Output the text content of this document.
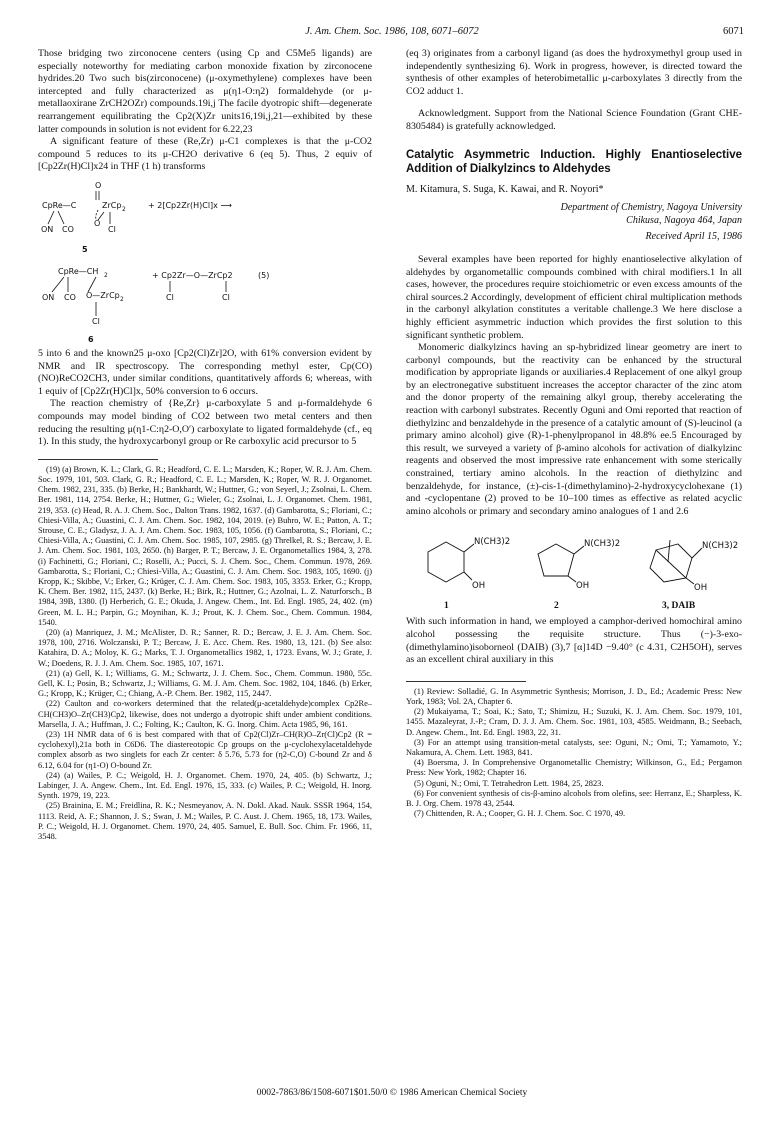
J. Am. Chem. Soc. 1986, 108, 6071–6072	6071

Those bridging two zirconocene centers (using Cp and C5Me5 ligands) are especially noteworthy for mediating carbon monoxide fixation by zirconocene hydrides.20 Two such bis(zirconocene) (μ-oxymethylene) complexes have been intercepted and fully characterized as μ(η1-O:η2) formaldehyde (or μ-metallaoxirane ZrCH2OZr) compounds.19i,j The facile dyotropic shift—degenerate rearrangement equilibrating the Cp2(X)Zr units16,19i,j,21—exhibited by these latter compounds in solution is not evident for 6.22,23

A significant feature of these (Re,Zr) μ-C1 complexes is that the μ-CO2 compound 5 reduces to its μ-CH2O derivative 6 (eq 5). Thus, 2 equiv of [Cp2Zr(H)Cl]x24 in THF (1 h) transforms

CpRe—C	ZrCp 2
O
ON CO
O
Cl
+ 2[Cp2Zr(H)Cl]x ⟶
5
CpRe—CH 2
ON CO O—ZrCp 2
Cl
+ Cp2Zr—O—ZrCp2
Cl	Cl
(5)
6

5 into 6 and the known25 μ-oxo [Cp2(Cl)Zr]2O, with 61% conversion evident by NMR and IR spectroscopy. The corresponding methyl ester, Cp(CO)(NO)ReCO2CH3, under similar conditions, quantitatively affords 6; whereas, with 1 equiv of [Cp2Zr(H)Cl]x, 50% conversion to 6 occurs.

The reaction chemistry of {Re,Zr} μ-carboxylate 5 and μ-formaldehyde 6 compounds may model binding of CO2 between two metal centers and then reducing the resulting μ(η1-C:η2-O,O′) carboxylate to ligated formaldehyde (cf., eq 1). In this study, the hydroxycarbonyl group or Re carboxylic acid precursor to 5

(19) (a) Brown, K. L.; Clark, G. R.; Headford, C. E. L.; Marsden, K.; Roper, W. R. J. Am. Chem. Soc. 1979, 101, 503. Clark, G. R.; Headford, C. E. L.; Marsden, K.; Roper, W. R. J. Organomet. Chem. 1982, 231, 335. (b) Berke, H.; Bankhardt, W.; Huttner, G.; von Seyerl, J.; Zsolnai, L. Chem. Ber. 1981, 114, 2754. Berke, H.; Huttner, G.; Wieler, G.; Zsolnai, L. J. Organomet. Chem. 1981, 219, 353. (c) Head, R. A. J. Chem. Soc., Dalton Trans. 1982, 1637. (d) Gambarotta, S.; Floriani, C.; Chiesi-Villa, A.; Guastini, C. J. Am. Chem. Soc. 1982, 104, 2019. (e) Buhro, W. E.; Patton, A. T.; Strouse, C. E.; Gladysz, J. A. J. Am. Chem. Soc. 1983, 105, 1056. (f) Gambarotta, S.; Floriani, C.; Chiesi-Villa, A.; Guastini, C. J. Am. Chem. Soc. 1985, 107, 2985. (g) Threlkel, R. S.; Bercaw, J. E. J. Am. Chem. Soc. 1981, 103, 2650. (h) Barger, P. T.; Bercaw, J. E. Organometallics 1984, 3, 278. (i) Fachinetti, G.; Floriani, C.; Roselli, A.; Pucci, S. J. Chem. Soc., Chem. Commun. 1978, 269. Gambarotta, S.; Floriani, C.; Chiesi-Villa, A.; Guastini, C. J. Am. Chem. Soc. 1983, 105, 1690. (j) Kropp, K.; Skibbe, V.; Erker, G.; Krüger, C. J. Am. Chem. Soc. 1983, 105, 3353. Erker, G.; Kropp, K. Chem. Ber. 1982, 115, 2437. (k) Berke, H.; Birk, R.; Huttner, G.; Azolnai, L. Z. Naturforsch., B 1984, 39B, 1380. (l) Herberich, G. E.; Okuda, J. Angew. Chem., Int. Ed. Engl. 1985, 24, 402. (m) Green, M. L. H.; Parpin, G.; Moynihan, K. J.; Prout, K. J. Chem. Soc., Chem. Commun. 1984, 1540.
(20) (a) Manriquez, J. M.; McAlister, D. R.; Sanner, R. D.; Bercaw, J. E. J. Am. Chem. Soc. 1978, 100, 2716. Wolczanski, P. T.; Bercaw, J. E. Acc. Chem. Res. 1980, 13, 121. (b) See also: Katahira, D. A.; Moloy, K. G.; Marks, T. J. Organometallics 1982, 1, 1723. Evans, W. J.; Grate, J. W.; Doedens, R. J. J. Am. Chem. Soc. 1985, 107, 1671.
(21) (a) Gell, K. I.; Williams, G. M.; Schwartz, J. J. Chem. Soc., Chem. Commun. 1980, 55c. Gell, K. I.; Posin, B.; Schwartz, J.; Williams, G. M. J. Am. Chem. Soc. 1982, 104, 1846. (b) Erker, G.; Kropp, K.; Krüger, C.; Chiang, A.-P. Chem. Ber. 1982, 115, 2447.
(22) Caulton and co-workers determined that the related(μ-acetaldehyde)complex Cp2Re–CH(CH3)O–Zr(CH3)Cp2, likewise, does not undergo a dyotropic shift under ambient conditions. Marsella, J. A.; Huffman, J. C.; Folting, K.; Caulton, K. G. Inorg. Chim. Acta 1985, 96, 161.
(23) 1H NMR data of 6 is best compared with that of Cp2(Cl)Zr–CH(R)O–Zr(Cl)Cp2 (R = cyclohexyl),21a both in C6D6. The diastereotopic Cp groups on the μ-cyclohexylacetaldehyde complex absorb as two singlets for each Zr center: δ 5.76, 5.73 for (η2-C,O) C-bound Zr and δ 6.12, 6.04 for (η1-O) O-bound Zr.
(24) (a) Wailes, P. C.; Weigold, H. J. Organomet. Chem. 1970, 24, 405. (b) Schwartz, J.; Labinger, J. A. Angew. Chem., Int. Ed. Engl. 1976, 15, 333. (c) Wailes, P. C.; Weigold, H. Inorg. Synth. 1979, 19, 223.
(25) Brainina, E. M.; Freidlina, R. K.; Nesmeyanov, A. N. Dokl. Akad. Nauk. SSSR 1964, 154, 1113. Reid, A. F.; Shannon, J. S.; Swan, J. M.; Wailes, P. C. Aust. J. Chem. 1965, 18, 173. Wailes, P. C.; Weigold, H. J. Organomet. Chem. 1970, 24, 405. Samuel, E. Bull. Soc. Chim. Fr. 1966, 11, 3548.

(eq 3) originates from a carbonyl ligand (as does the hydroxymethyl group used in independently synthesizing 6). Work in progress, however, is directed toward the synthesis of other examples of heterobimetallic μ-carboxylates 3 directly from the CO2 adduct 1.

Acknowledgment. Support from the National Science Foundation (Grant CHE-8305484) is gratefully acknowledged.

Catalytic Asymmetric Induction. Highly Enantioselective Addition of Dialkylzincs to Aldehydes
M. Kitamura, S. Suga, K. Kawai, and R. Noyori*
Department of Chemistry, Nagoya University
Chikusa, Nagoya 464, Japan
Received April 15, 1986

Several examples have been reported for highly enantioselective alkylation of aldehydes by organometallic compounds combined with chiral modifiers.1 In all cases, however, the procedures require stoichiometric or even excess amounts of the chiral sources.2 Accordingly, development of efficient chiral multiplication methods in the carbonyl alkylation constitutes a veritable challenge.3 We here disclose a highly efficient asymmetric induction which provides the first solution to this significant synthetic problem.

Monomeric dialkylzincs having an sp-hybridized linear geometry are inert to carbonyl compounds, but the reactivity can be enhanced by the structural modification by appropriate ligands or auxiliaries.4 Replacement of one alkyl group by an electronegative substituent increases the acceptor character of the zinc atom and the donor property of the remaining alkyl group, thereby accelerating the reaction with carbonyl substrates. Recently Oguni and Omi reported that reaction of diethylzinc and benzaldehyde in the presence of a catalytic amount of (S)-leucinol (a primary amino alcohol) give (R)-1-phenylpropanol in 48.8% ee.5 Encouraged by this result, we surveyed a variety of β-amino alcohols for activation of dialkylzinc reagents and observed the most impressive rate enhancement with some sterically constrained, tertiary amino alcohols. In the reaction of diethylzinc and benzaldehyde, for instance, (±)-cis-1-(dimethylamino)-2-hydroxycyclohexane (1) and -cyclopentane (2) proved to be 10–100 times as effective as related acyclic amino alcohols or primary and secondary amino analogues of 1 and 2.6

N(CH3)2
OH
N(CH3)2
OH
N(CH3)2
OH
1	2	3, DAIB

With such information in hand, we employed a camphor-derived homochiral amino alcohol possessing the requisite structure. Thus (−)-3-exo-(dimethylamino)isoborneol (DAIB) (3),7 [α]14D −9.40° (c 4.31, C2H5OH), serves as an excellent chiral auxiliary in this

(1) Review: Solladié, G. In Asymmetric Synthesis; Morrison, J. D., Ed.; Academic Press: New York, 1983; Vol. 2A, Chapter 6.
(2) Mukaiyama, T.; Soai, K.; Sato, T.; Shimizu, H.; Suzuki, K. J. Am. Chem. Soc. 1979, 101, 1455. Mazaleyrat, J.-P.; Cram, D. J. J. Am. Chem. Soc. 1981, 103, 4585. Weidmann, B.; Seebach, D. Angew. Chem., Int. Ed. Engl. 1983, 22, 31.
(3) For an attempt using transition-metal catalysts, see: Oguni, N.; Omi, T.; Yamamoto, Y.; Nakamura, A. Chem. Lett. 1983, 841.
(4) Boersma, J. In Comprehensive Organometallic Chemistry; Wilkinson, G., Ed.; Pergamon Press: New York, 1982; Chapter 16.
(5) Oguni, N.; Omi, T. Tetrahedron Lett. 1984, 25, 2823.
(6) For convenient synthesis of cis-β-amino alcohols from olefins, see: Herranz, E.; Sharpless, K. B. J. Org. Chem. 1978 43, 2544.
(7) Chittenden, R. A.; Cooper, G. H. J. Chem. Soc. C 1970, 49.
0002-7863/86/1508-6071$01.50/0 © 1986 American Chemical Society
